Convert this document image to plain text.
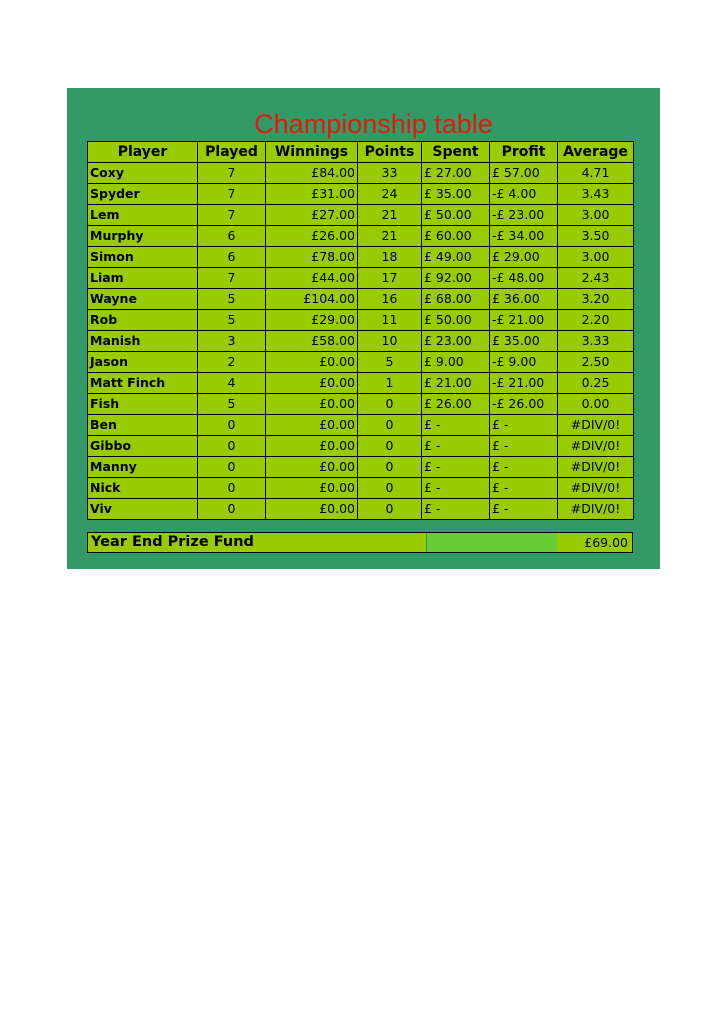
Championship table
Player	Played	Winnings	Points	Spent	Profit	Average
Coxy	7	£84.00	33	£ 27.00	£ 57.00	4.71
Spyder	7	£31.00	24	£ 35.00	-£ 4.00	3.43
Lem	7	£27.00	21	£ 50.00	-£ 23.00	3.00
Murphy	6	£26.00	21	£ 60.00	-£ 34.00	3.50
Simon	6	£78.00	18	£ 49.00	£ 29.00	3.00
Liam	7	£44.00	17	£ 92.00	-£ 48.00	2.43
Wayne	5	£104.00	16	£ 68.00	£ 36.00	3.20
Rob	5	£29.00	11	£ 50.00	-£ 21.00	2.20
Manish	3	£58.00	10	£ 23.00	£ 35.00	3.33
Jason	2	£0.00	5	£ 9.00	-£ 9.00	2.50
Matt Finch	4	£0.00	1	£ 21.00	-£ 21.00	0.25
Fish	5	£0.00	0	£ 26.00	-£ 26.00	0.00
Ben	0	£0.00	0	£ -	£ -	#DIV/0!
Gibbo	0	£0.00	0	£ -	£ -	#DIV/0!
Manny	0	£0.00	0	£ -	£ -	#DIV/0!
Nick	0	£0.00	0	£ -	£ -	#DIV/0!
Viv	0	£0.00	0	£ -	£ -	#DIV/0!
Year End Prize Fund	£69.00
